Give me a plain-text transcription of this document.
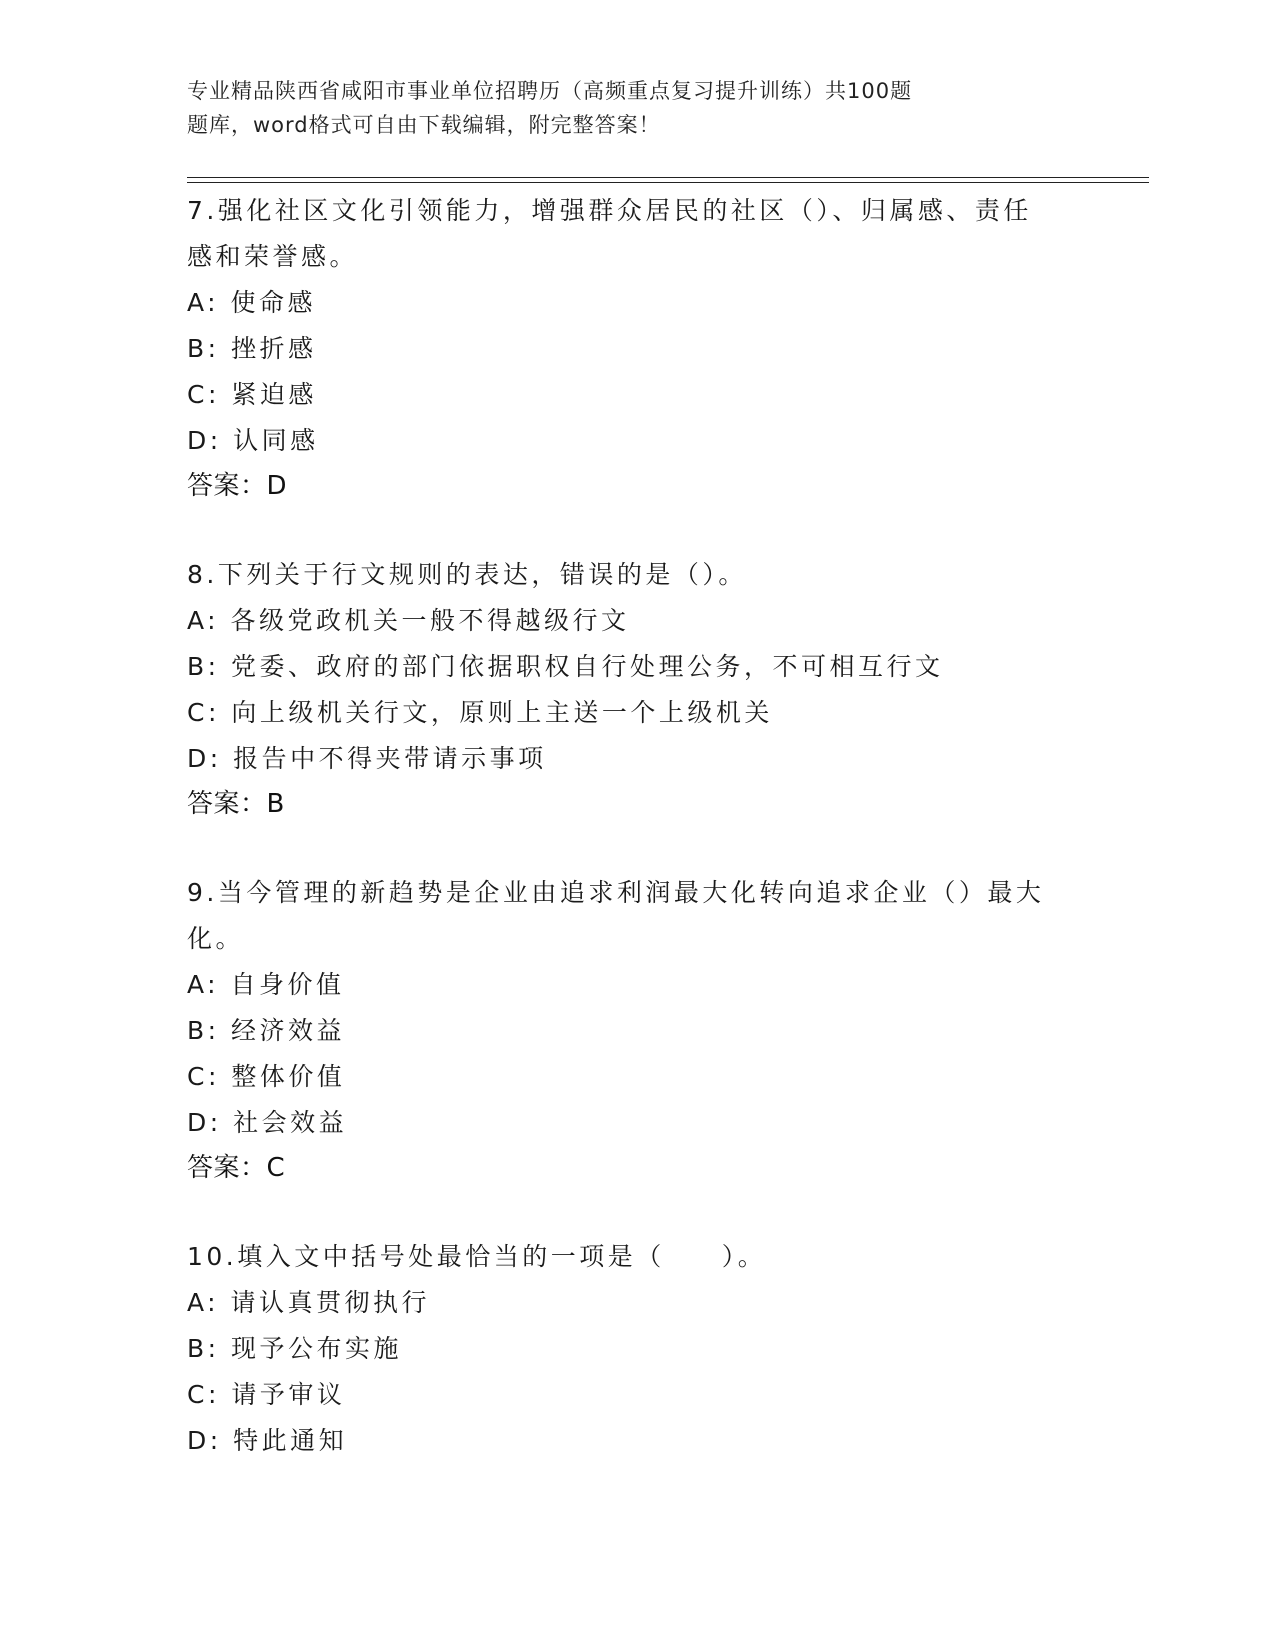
专业精品陕西省咸阳市事业单位招聘历（高频重点复习提升训练）共100题
题库，word格式可自由下载编辑，附完整答案！
7.强化社区文化引领能力，增强群众居民的社区（）、归属感、责任
感和荣誉感。
A: 使命感
B: 挫折感
C: 紧迫感
D: 认同感
答案：D
8.下列关于行文规则的表达，错误的是（）。
A: 各级党政机关一般不得越级行文
B: 党委、政府的部门依据职权自行处理公务，不可相互行文
C: 向上级机关行文，原则上主送一个上级机关
D: 报告中不得夹带请示事项
答案：B
9.当今管理的新趋势是企业由追求利润最大化转向追求企业（）最大
化。
A: 自身价值
B: 经济效益
C: 整体价值
D: 社会效益
答案：C
10.填入文中括号处最恰当的一项是（　　）。
A: 请认真贯彻执行
B: 现予公布实施
C: 请予审议
D: 特此通知
